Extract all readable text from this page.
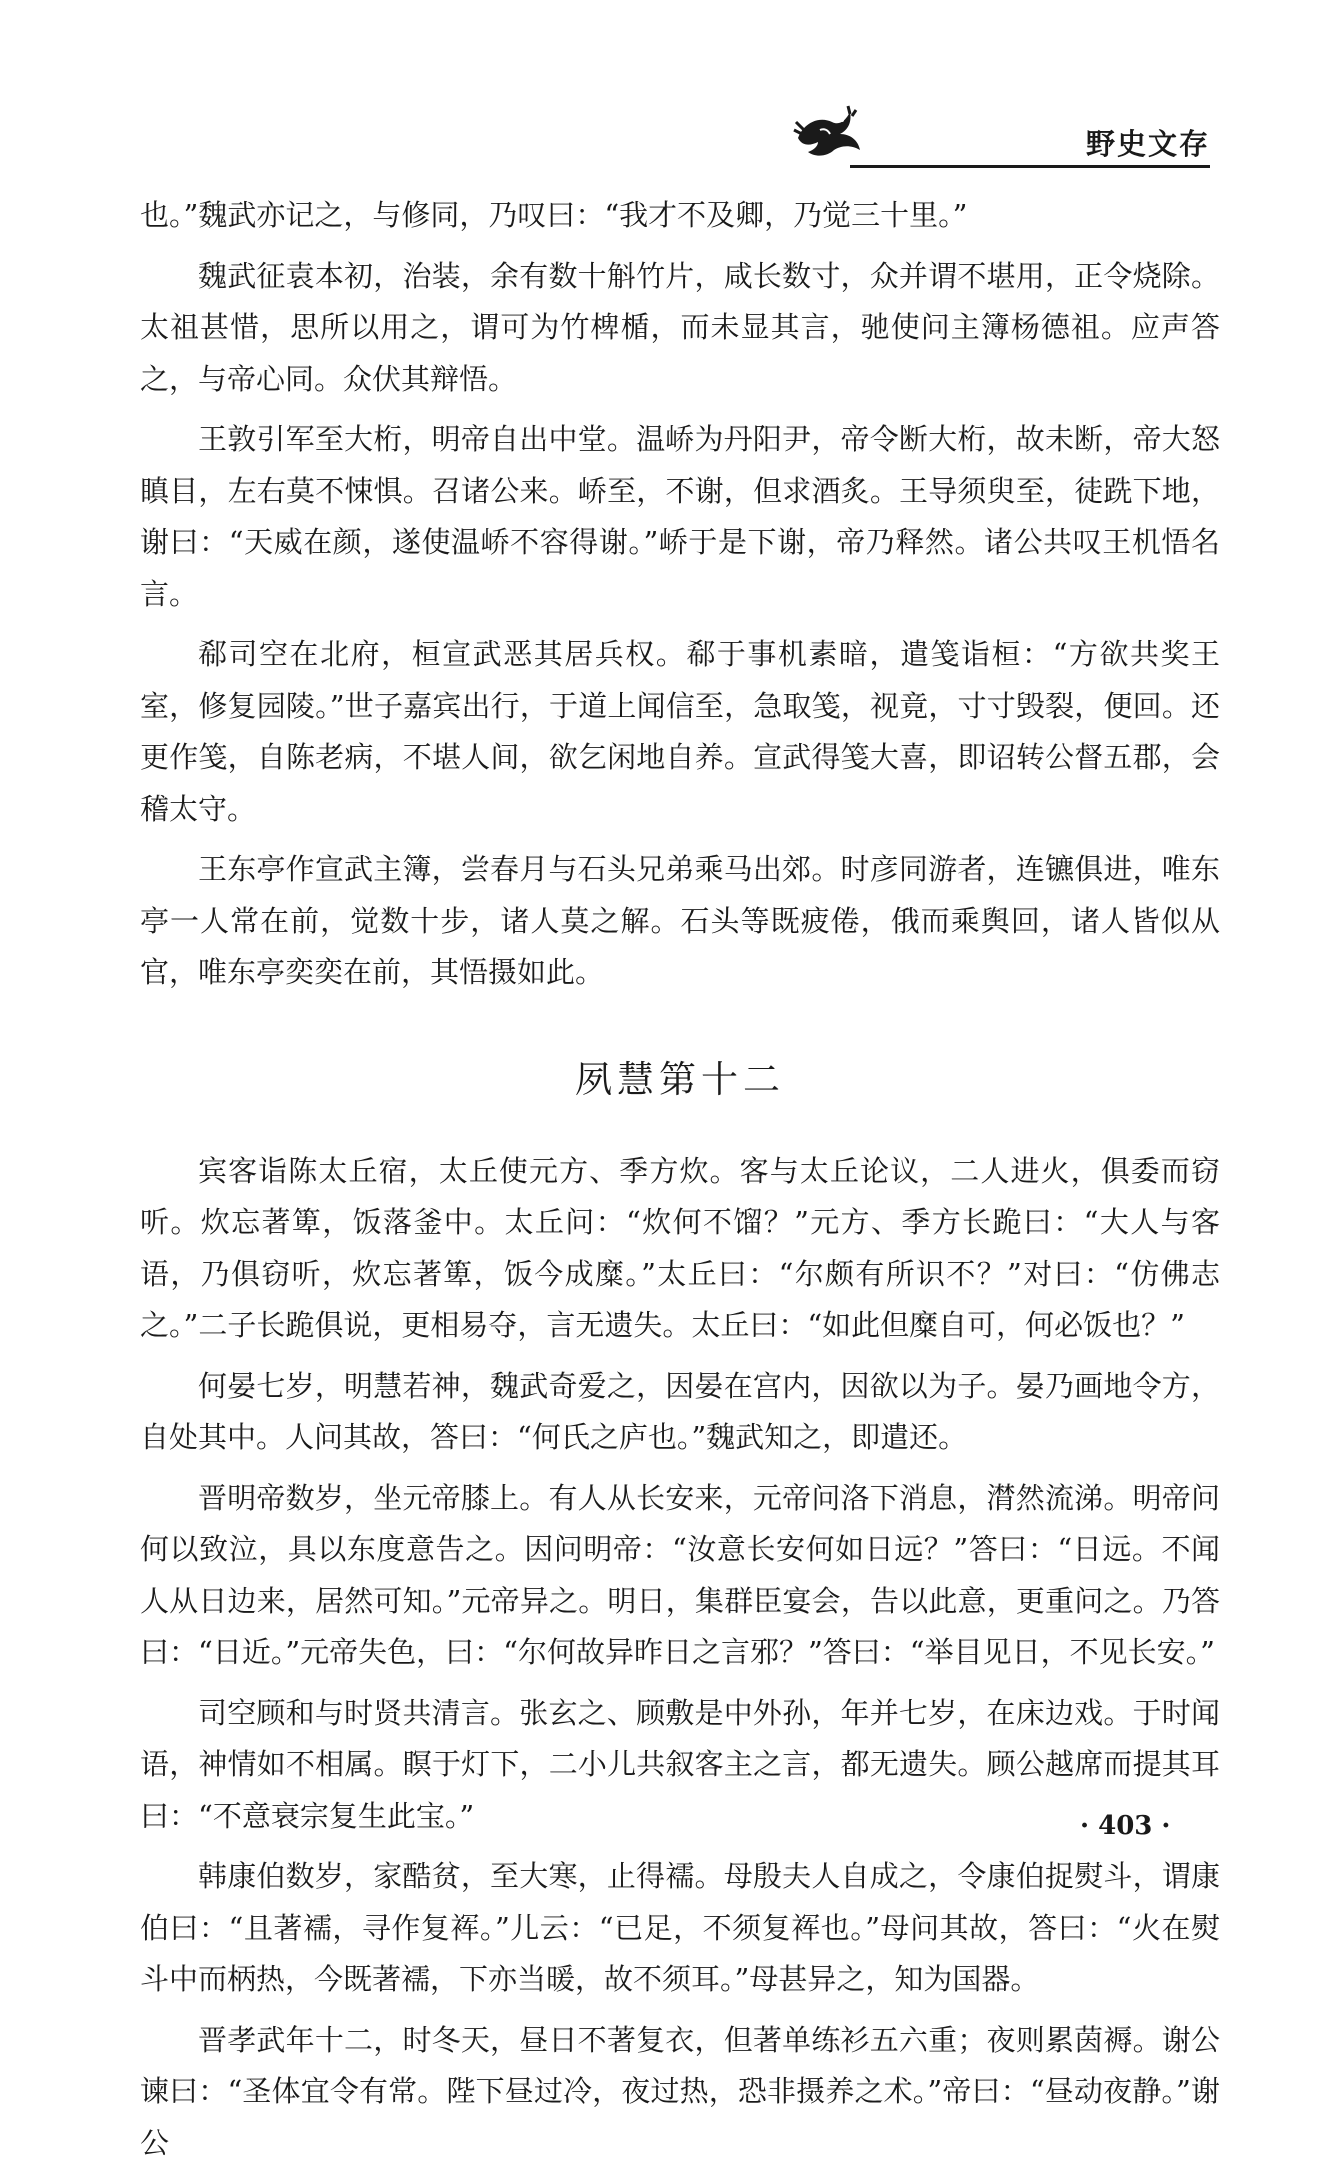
野史文存

也。”魏武亦记之，与修同，乃叹曰：“我才不及卿，乃觉三十里。”

魏武征袁本初，治装，余有数十斛竹片，咸长数寸，众并谓不堪用，正令烧除。太祖甚惜，思所以用之，谓可为竹椑楯，而未显其言，驰使问主簿杨德祖。应声答之，与帝心同。众伏其辩悟。

王敦引军至大桁，明帝自出中堂。温峤为丹阳尹，帝令断大桁，故未断，帝大怒瞋目，左右莫不悚惧。召诸公来。峤至，不谢，但求酒炙。王导须臾至，徒跣下地，谢曰：“天威在颜，遂使温峤不容得谢。”峤于是下谢，帝乃释然。诸公共叹王机悟名言。

郗司空在北府，桓宣武恶其居兵权。郗于事机素暗，遣笺诣桓：“方欲共奖王室，修复园陵。”世子嘉宾出行，于道上闻信至，急取笺，视竟，寸寸毁裂，便回。还更作笺，自陈老病，不堪人间，欲乞闲地自养。宣武得笺大喜，即诏转公督五郡，会稽太守。

王东亭作宣武主簿，尝春月与石头兄弟乘马出郊。时彦同游者，连镳俱进，唯东亭一人常在前，觉数十步，诸人莫之解。石头等既疲倦，俄而乘舆回，诸人皆似从官，唯东亭奕奕在前，其悟摄如此。

夙慧第十二

宾客诣陈太丘宿，太丘使元方、季方炊。客与太丘论议，二人进火，俱委而窃听。炊忘著箄，饭落釜中。太丘问：“炊何不馏？”元方、季方长跪曰：“大人与客语，乃俱窃听，炊忘著箄，饭今成糜。”太丘曰：“尔颇有所识不？”对曰：“仿佛志之。”二子长跪俱说，更相易夺，言无遗失。太丘曰：“如此但糜自可，何必饭也？”

何晏七岁，明慧若神，魏武奇爱之，因晏在宫内，因欲以为子。晏乃画地令方，自处其中。人问其故，答曰：“何氏之庐也。”魏武知之，即遣还。

晋明帝数岁，坐元帝膝上。有人从长安来，元帝问洛下消息，潸然流涕。明帝问何以致泣，具以东度意告之。因问明帝：“汝意长安何如日远？”答曰：“日远。不闻人从日边来，居然可知。”元帝异之。明日，集群臣宴会，告以此意，更重问之。乃答曰：“日近。”元帝失色，曰：“尔何故异昨日之言邪？”答曰：“举目见日，不见长安。”

司空顾和与时贤共清言。张玄之、顾敷是中外孙，年并七岁，在床边戏。于时闻语，神情如不相属。瞑于灯下，二小儿共叙客主之言，都无遗失。顾公越席而提其耳曰：“不意衰宗复生此宝。”

韩康伯数岁，家酷贫，至大寒，止得襦。母殷夫人自成之，令康伯捉熨斗，谓康伯曰：“且著襦，寻作复裈。”儿云：“已足，不须复裈也。”母问其故，答曰：“火在熨斗中而柄热，今既著襦，下亦当暖，故不须耳。”母甚异之，知为国器。

晋孝武年十二，时冬天，昼日不著复衣，但著单练衫五六重；夜则累茵褥。谢公谏曰：“圣体宜令有常。陛下昼过冷，夜过热，恐非摄养之术。”帝曰：“昼动夜静。”谢公

· 403 ·
